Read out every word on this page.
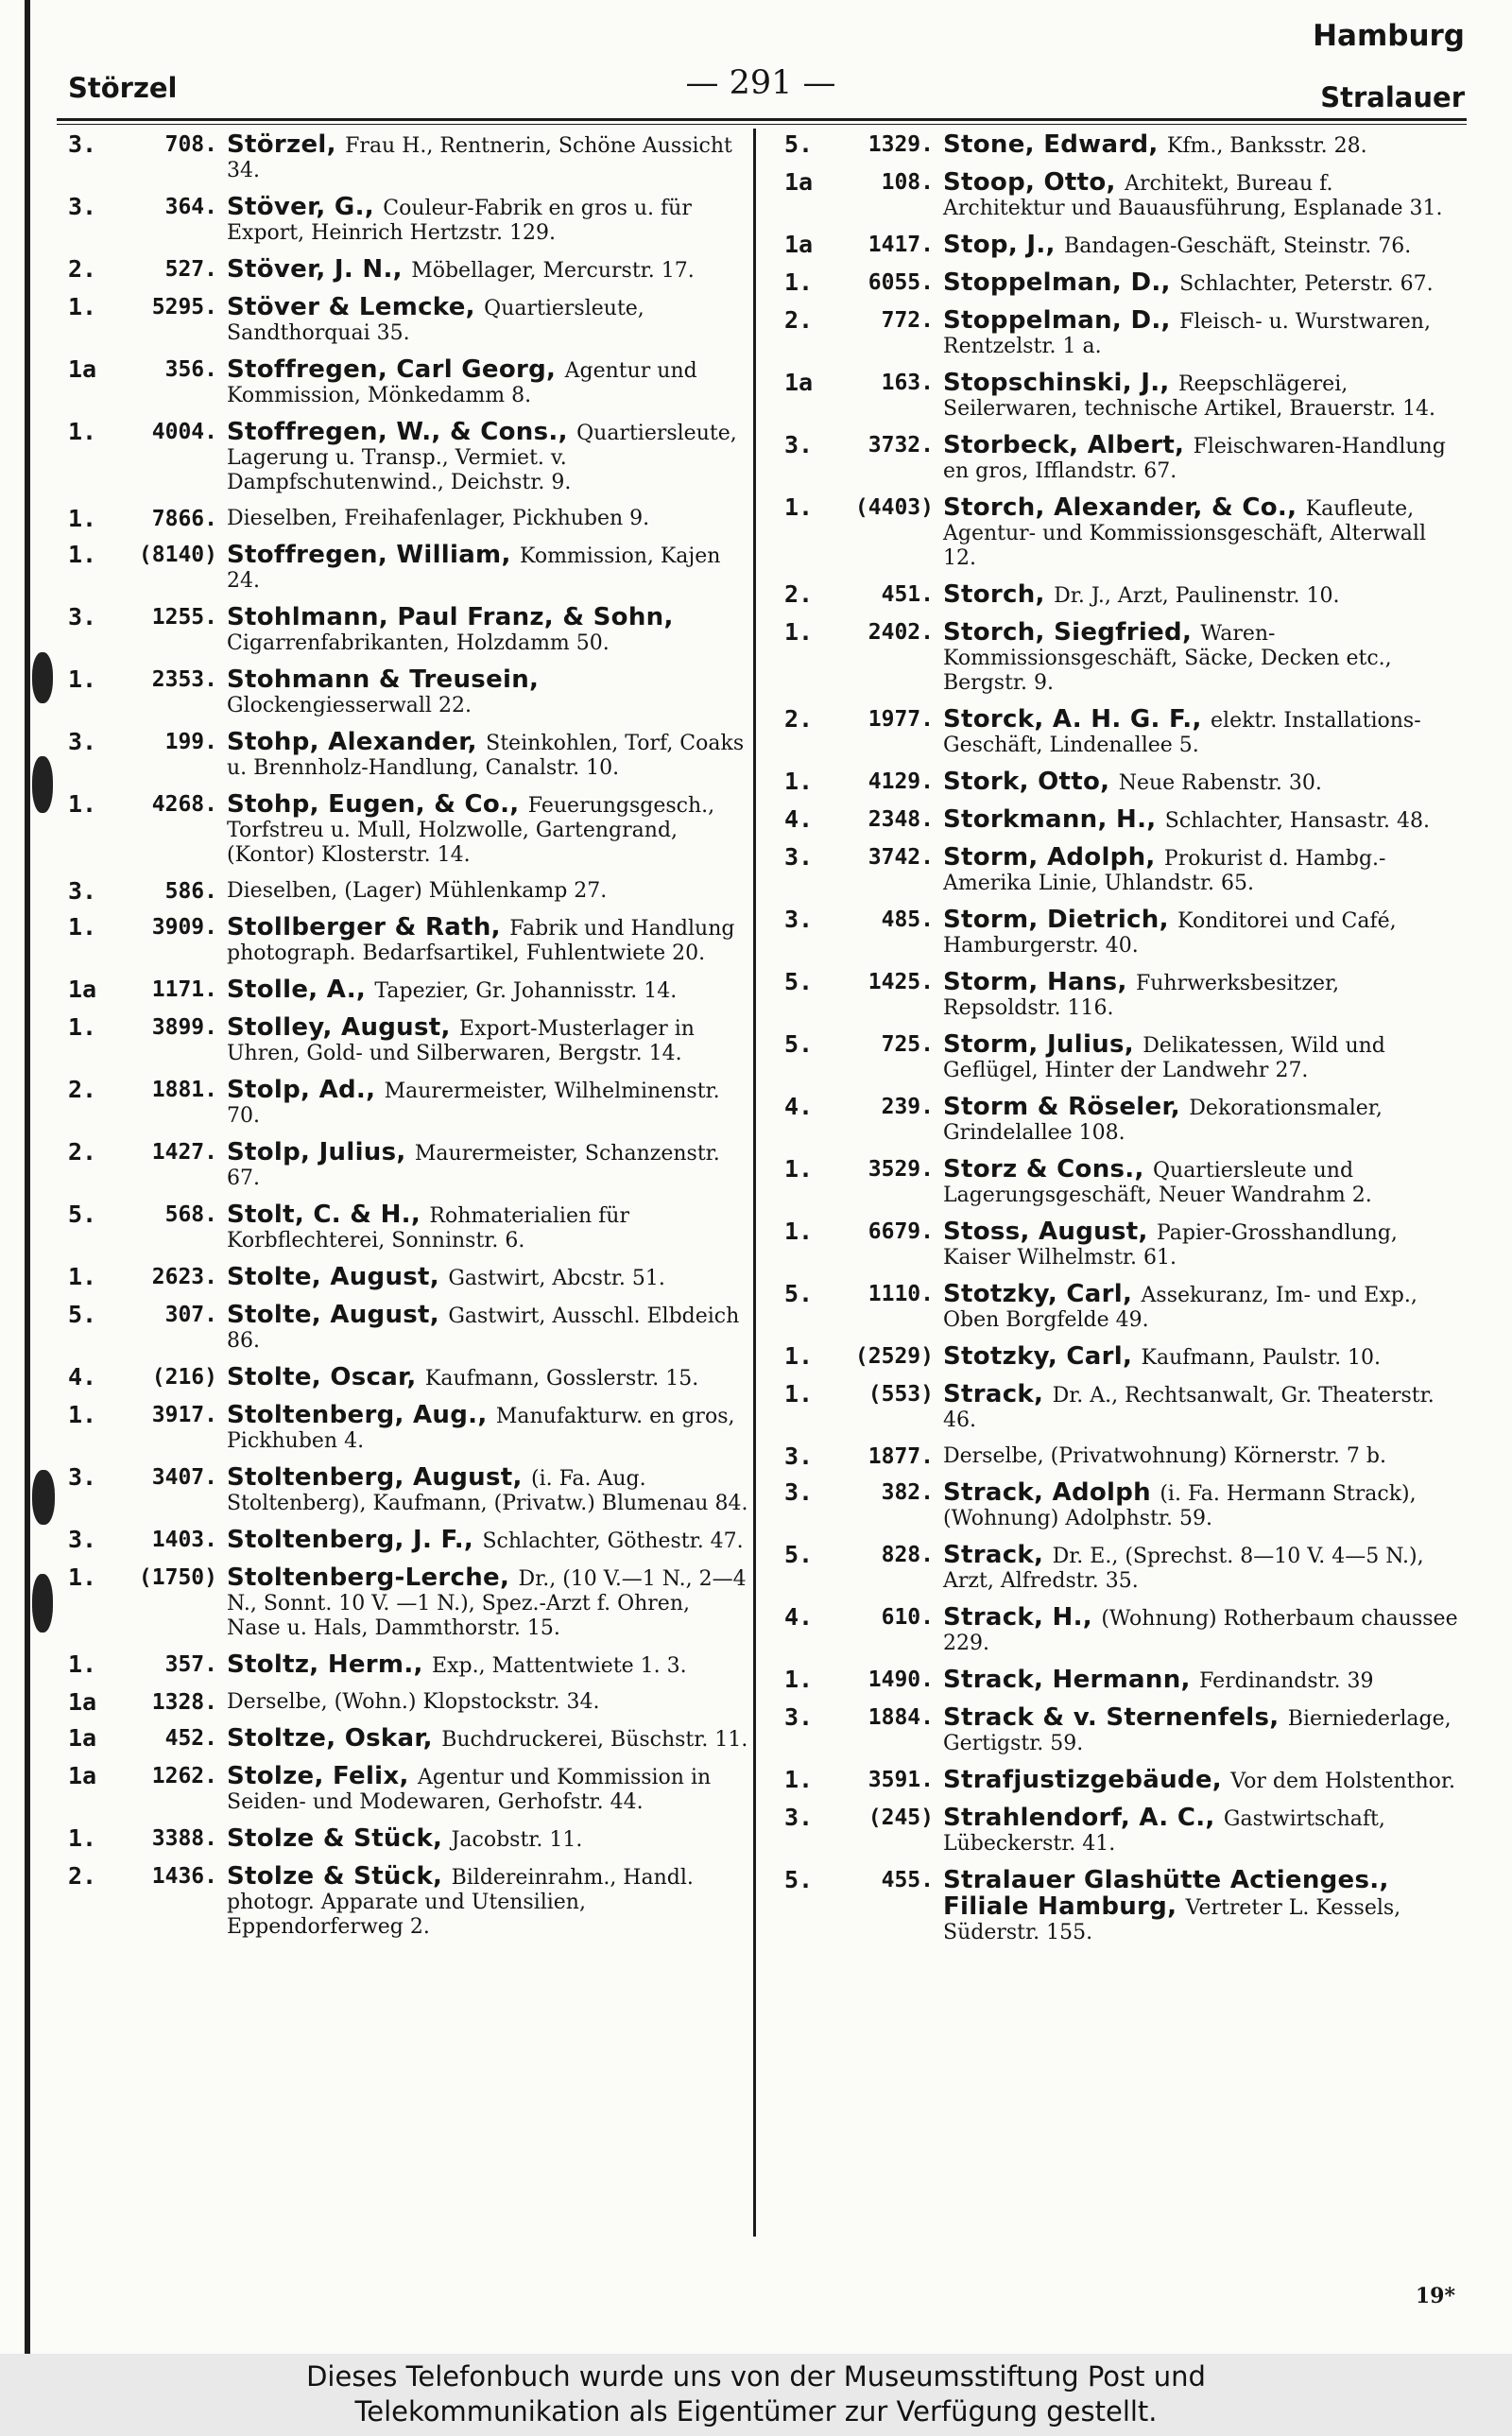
Hamburg
Störzel	— 291 —	Stralauer
3.	708. Störzel, Frau H., Rentnerin, Schöne Aussicht 34.
3.	364. Stöver, G., Couleur-Fabrik en gros u. für Export, Heinrich Hertzstr. 129.
2.	527. Stöver, J. N., Möbellager, Mercurstr. 17.
1.	5295. Stöver & Lemcke, Quartiersleute, Sandthorquai 35.
1a	356. Stoffregen, Carl Georg, Agentur und Kommission, Mönkedamm 8.
1.	4004. Stoffregen, W., & Cons., Quartiersleute, Lagerung u. Transp., Vermiet. v. Dampfschutenwind., Deichstr. 9.
1.	7866. Dieselben, Freihafenlager, Pickhuben 9.
1.	(8140) Stoffregen, William, Kommission, Kajen 24.
3.	1255. Stohlmann, Paul Franz, & Sohn, Cigarrenfabrikanten, Holzdamm 50.
1.	2353. Stohmann & Treusein, Glockengiesserwall 22.
3.	199. Stohp, Alexander, Steinkohlen, Torf, Coaks u. Brennholz-Handlung, Canalstr. 10.
1.	4268. Stohp, Eugen, & Co., Feuerungsgesch., Torfstreu u. Mull, Holzwolle, Gartengrand, (Kontor) Klosterstr. 14.
3.	586. Dieselben, (Lager) Mühlenkamp 27.
1.	3909. Stollberger & Rath, Fabrik und Handlung photograph. Bedarfsartikel, Fuhlentwiete 20.
1a	1171. Stolle, A., Tapezier, Gr. Johannisstr. 14.
1.	3899. Stolley, August, Export-Musterlager in Uhren, Gold- und Silberwaren, Bergstr. 14.
2.	1881. Stolp, Ad., Maurermeister, Wilhelminenstr. 70.
2.	1427. Stolp, Julius, Maurermeister, Schanzenstr. 67.
5.	568. Stolt, C. & H., Rohmaterialien für Korbflechterei, Sonninstr. 6.
1.	2623. Stolte, August, Gastwirt, Abcstr. 51.
5.	307. Stolte, August, Gastwirt, Ausschl. Elbdeich 86.
4.	(216) Stolte, Oscar, Kaufmann, Gosslerstr. 15.
1.	3917. Stoltenberg, Aug., Manufakturw. en gros, Pickhuben 4.
3.	3407. Stoltenberg, August, (i. Fa. Aug. Stoltenberg), Kaufmann, (Privatw.) Blumenau 84.
3.	1403. Stoltenberg, J. F., Schlachter, Göthestr. 47.
1.	(1750) Stoltenberg-Lerche, Dr., (10 V.—1 N., 2—4 N., Sonnt. 10 V. —1 N.), Spez.-Arzt f. Ohren, Nase u. Hals, Dammthorstr. 15.
1.	357. Stoltz, Herm., Exp., Mattentwiete 1. 3.
1a	1328. Derselbe, (Wohn.) Klopstockstr. 34.
1a	452. Stoltze, Oskar, Buchdruckerei, Büschstr. 11.
1a	1262. Stolze, Felix, Agentur und Kommission in Seiden- und Modewaren, Gerhofstr. 44.
1.	3388. Stolze & Stück, Jacobstr. 11.
2.	1436. Stolze & Stück, Bildereinrahm., Handl. photogr. Apparate und Utensilien, Eppendorferweg 2.
5.	1329. Stone, Edward, Kfm., Banksstr. 28.
1a	108. Stoop, Otto, Architekt, Bureau f. Architektur und Bauausführung, Esplanade 31.
1a	1417. Stop, J., Bandagen-Geschäft, Steinstr. 76.
1.	6055. Stoppelman, D., Schlachter, Peterstr. 67.
2.	772. Stoppelman, D., Fleisch- u. Wurstwaren, Rentzelstr. 1 a.
1a	163. Stopschinski, J., Reepschlägerei, Seilerwaren, technische Artikel, Brauerstr. 14.
3.	3732. Storbeck, Albert, Fleischwaren-Handlung en gros, Ifflandstr. 67.
1.	(4403) Storch, Alexander, & Co., Kaufleute, Agentur- und Kommissionsgeschäft, Alterwall 12.
2.	451. Storch, Dr. J., Arzt, Paulinenstr. 10.
1.	2402. Storch, Siegfried, Waren-Kommissionsgeschäft, Säcke, Decken etc., Bergstr. 9.
2.	1977. Storck, A. H. G. F., elektr. Installations-Geschäft, Lindenallee 5.
1.	4129. Stork, Otto, Neue Rabenstr. 30.
4.	2348. Storkmann, H., Schlachter, Hansastr. 48.
3.	3742. Storm, Adolph, Prokurist d. Hambg.-Amerika Linie, Uhlandstr. 65.
3.	485. Storm, Dietrich, Konditorei und Café, Hamburgerstr. 40.
5.	1425. Storm, Hans, Fuhrwerksbesitzer, Repsoldstr. 116.
5.	725. Storm, Julius, Delikatessen, Wild und Geflügel, Hinter der Landwehr 27.
4.	239. Storm & Röseler, Dekorationsmaler, Grindelallee 108.
1.	3529. Storz & Cons., Quartiersleute und Lagerungsgeschäft, Neuer Wandrahm 2.
1.	6679. Stoss, August, Papier-Grosshandlung, Kaiser Wilhelmstr. 61.
5.	1110. Stotzky, Carl, Assekuranz, Im- und Exp., Oben Borgfelde 49.
1.	(2529) Stotzky, Carl, Kaufmann, Paulstr. 10.
1.	(553) Strack, Dr. A., Rechtsanwalt, Gr. Theaterstr. 46.
3.	1877. Derselbe, (Privatwohnung) Körnerstr. 7 b.
3.	382. Strack, Adolph (i. Fa. Hermann Strack), (Wohnung) Adolphstr. 59.
5.	828. Strack, Dr. E., (Sprechst. 8—10 V. 4—5 N.), Arzt, Alfredstr. 35.
4.	610. Strack, H., (Wohnung) Rotherbaum chaussee 229.
1.	1490. Strack, Hermann, Ferdinandstr. 39
3.	1884. Strack & v. Sternenfels, Bierniederlage, Gertigstr. 59.
1.	3591. Strafjustizgebäude, Vor dem Holstenthor.
3.	(245) Strahlendorf, A. C., Gastwirtschaft, Lübeckerstr. 41.
5.	455. Stralauer Glashütte Actienges., Filiale Hamburg, Vertreter L. Kessels, Süderstr. 155.
19*
Dieses Telefonbuch wurde uns von der Museumsstiftung Post und
Telekommunikation als Eigentümer zur Verfügung gestellt.
